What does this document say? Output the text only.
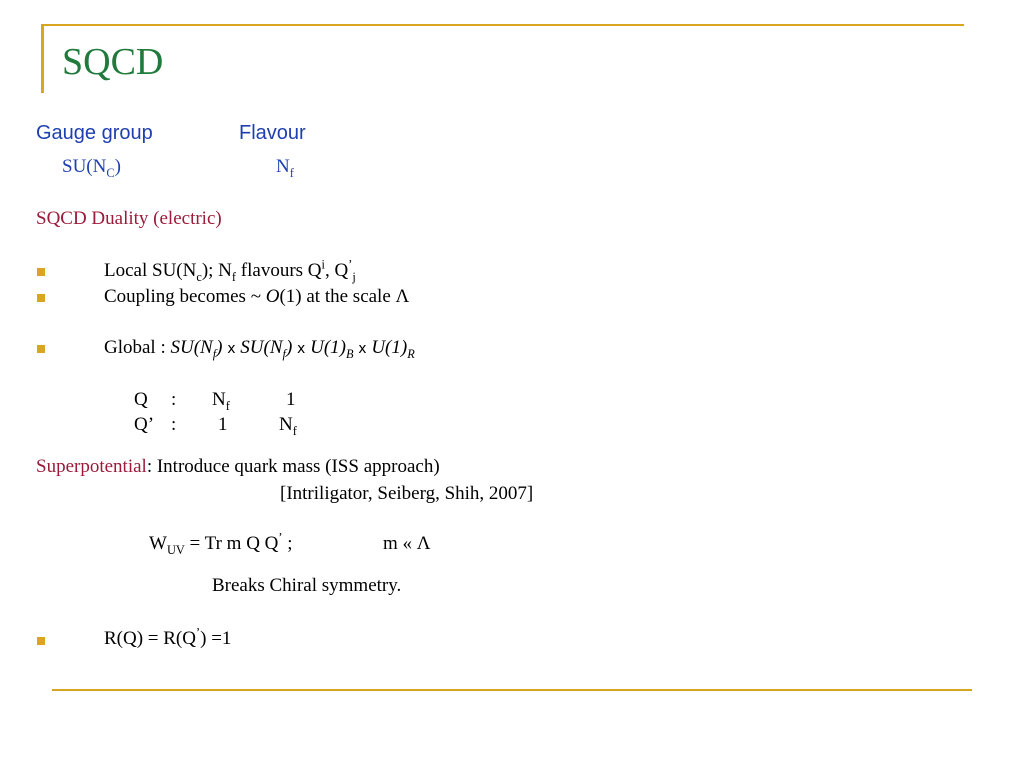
SQCD
Gauge group	Flavour
$SU(N_C)$	$N_f$
SQCD Duality (electric)
Local $SU(N_c)$; $N_f$ flavours $Q^i$, $Q^’_j$
Coupling becomes ~ O(1) at the scale Λ
Global : $SU(N_f)$ x $SU(N_f)$ x $U(1)_B$ x $U(1)_R$
Q : $N_f$	1
Q’ : 1	$N_f$
Superpotential: Introduce quark mass (ISS approach)
[Intriligator, Seiberg, Shih, 2007]
$W_{UV} = Tr$ m Q Q’ ;	m « Λ
Breaks Chiral symmetry.
R(Q) = R(Q’) =1
